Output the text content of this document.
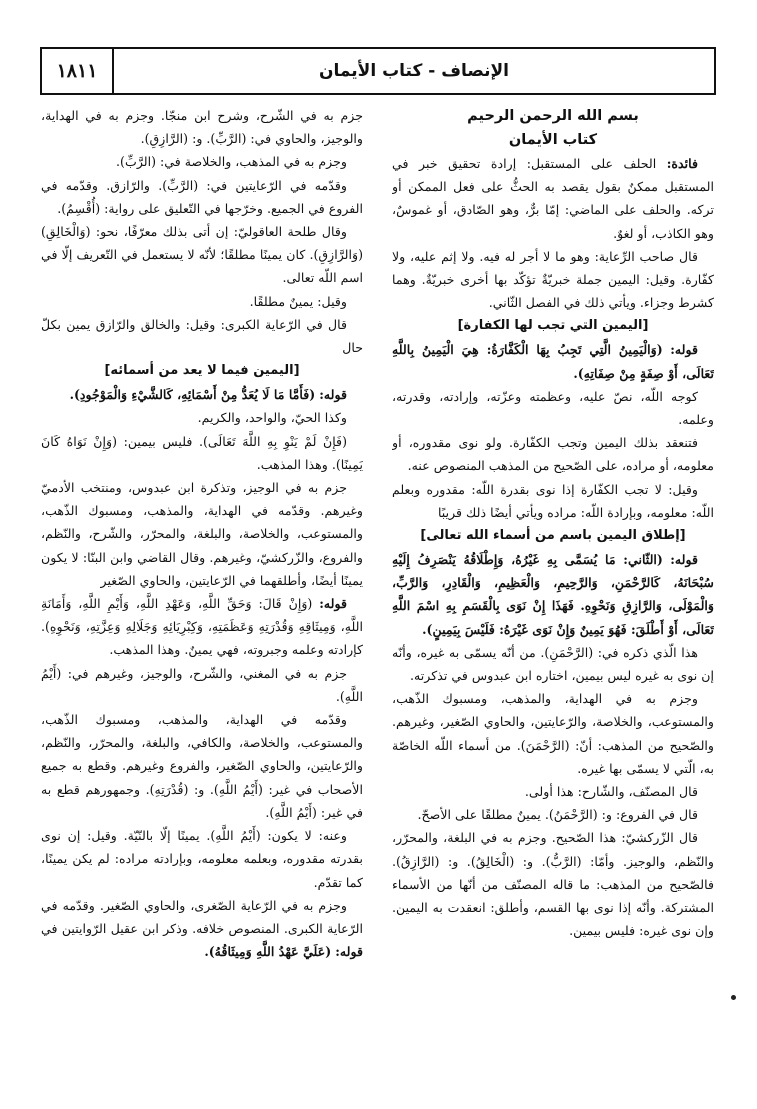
١٨١١	الإنصاف - كتاب الأيمان
بسم الله الرحمن الرحيم
كتاب الأيمان

فائدة: الحلف على المستقبل: إرادة تحقيق خبر في المستقبل ممكنٌ بقول يقصد به الحثُّ على فعل الممكن أو تركه. والحلف على الماضي: إمّا برٌّ، وهو الصّادق، أو غموسٌ، وهو الكاذب، أو لغوٌ.

قال صاحب الرِّعاية: وهو ما لا أجر له فيه. ولا إثم عليه، ولا كفّارة. وقيل: اليمين جملة خبريّةٌ تؤكّد بها أخرى خبريّةٌ. وهما كشرط وجزاء. ويأتي ذلك في الفصل الثّاني.

[اليمين التي تجب لها الكفارة]

قوله: (وَالْيَمِينُ الَّتِي تَجِبُ بِهَا الْكَفَّارَةُ: هِيَ الْيَمِينُ بِاللَّهِ تَعَالَى، أَوْ صِفَةٍ مِنْ صِفَاتِهِ).

كوجه اللّه، نصّ عليه، وعظمته وعزّته، وإرادته، وقدرته، وعلمه.

فتنعقد بذلك اليمين وتجب الكفّارة. ولو نوى مقدوره، أو معلومه، أو مراده، على الصّحيح من المذهب المنصوص عنه.

وقيل: لا تجب الكفّارة إذا نوى بقدرة اللّه: مقدوره وبعلم اللّه: معلومه، وبإرادة اللّه: مراده ويأتي أيضًا ذلك قريبًا

[إطلاق اليمين باسم من أسماء الله تعالى]

قوله: (الثّاني: مَا يُسَمَّى بِهِ غَيْرُهُ، وَإِطْلَاقُهُ يَنْصَرِفُ إِلَيْهِ سُبْحَانَهُ، كَالرَّحْمَنِ، وَالرَّحِيمِ، وَالْعَظِيمِ، وَالْقَادِرِ، وَالرَّبِّ، وَالْمَوْلَى، وَالرَّازِقِ وَنَحْوِهِ. فَهَذَا إِنْ نَوَى بِالْقَسَمِ بِهِ اسْمَ اللَّهِ تَعَالَى، أَوْ أَطْلَقَ: فَهُوَ يَمِينٌ وَإِنْ نَوَى غَيْرَهُ: فَلَيْسَ بِيَمِينٍ).

هذا الّذي ذكره في: (الرَّحْمَنِ). من أنّه يسمّى به غيره، وأنّه إن نوى به غيره ليس بيمين، اختاره ابن عبدوس في تذكرته.

وجزم به في الهداية، والمذهب، ومسبوك الذّهب، والمستوعب، والخلاصة، والرّعايتين، والحاوي الصّغير، وغيرهم. والصّحيح من المذهب: أنّ: (الرَّحْمَنَ). من أسماء اللّه الخاصّة به، الّتي لا يسمّى بها غيره.

قال المصنّف، والشّارح: هذا أولى.

قال في الفروع: و: (الرَّحْمَنُ). يمينٌ مطلقًا على الأصحّ.

قال الزّركشيّ: هذا الصّحيح. وجزم به في البلغة، والمحرّر، والنّظم، والوجيز. وأمّا: (الرَّبُّ). و: (الْخَالِقُ). و: (الرَّازِقُ). فالصّحيح من المذهب: ما قاله المصنّف من أنّها من الأسماء المشتركة. وأنّه إذا نوى بها القسم، وأطلق: انعقدت به اليمين. وإن نوى غيره: فليس بيمين.

جزم به في الشّرح، وشرح ابن منجّا. وجزم به في الهداية، والوجيز، والحاوي في: (الرَّبِّ). و: (الرَّازِقِ).

وجزم به في المذهب، والخلاصة في: (الرَّبِّ).

وقدّمه في الرّعايتين في: (الرَّبِّ). والرّازق. وقدّمه في الفروع في الجميع. وخرّجها في التّعليق على رواية: (أُقْسِمُ).

وقال طلحة العاقوليّ: إن أتى بذلك معرّفًا، نحو: (وَالْخَالِقِ) (وَالرَّازِقِ). كان يمينًا مطلقًا؛ لأنّه لا يستعمل في التّعريف إلّا في اسم اللّه تعالى.

وقيل: يمينٌ مطلقًا.

قال في الرّعاية الكبرى: وقيل: والخالق والرّازق يمين بكلّ حال

[اليمين فيما لا يعد من أسمائه]

قوله: (فَأَمَّا مَا لَا يُعَدُّ مِنْ أَسْمَائِهِ، كَالشَّيْءِ وَالْمَوْجُودِ).

وكذا الحيّ، والواحد، والكريم.

(فَإِنْ لَمْ يَنْوِ بِهِ اللَّهَ تَعَالَى). فليس بيمين: (وَإِنْ نَوَاهُ كَانَ يَمِينًا). وهذا المذهب.

جزم به في الوجيز، وتذكرة ابن عبدوس، ومنتخب الأدميّ وغيرهم. وقدّمه في الهداية، والمذهب، ومسبوك الذّهب، والمستوعب، والخلاصة، والبلغة، والمحرّر، والشّرح، والنّظم، والفروع، والزّركشيّ، وغيرهم. وقال القاضي وابن البنّا: لا يكون يمينًا أيضًا، وأطلقهما في الرّعايتين، والحاوي الصّغير

قوله: (وَإِنْ قَالَ: وَحَقِّ اللَّهِ، وَعَهْدِ اللَّهِ، وَأَيْمِ اللَّهِ، وَأَمَانَةِ اللَّهِ، وَمِيثَاقِهِ وَقُدْرَتِهِ وَعَظَمَتِهِ، وَكِبْرِيَائِهِ وَجَلَالِهِ وَعِزَّتِهِ، وَنَحْوِهِ). كإرادته وعلمه وجبروته، فهي يمينٌ. وهذا المذهب.

جزم به في المغني، والشّرح، والوجيز، وغيرهم في: (أَيْمُ اللَّهِ).

وقدّمه في الهداية، والمذهب، ومسبوك الذّهب، والمستوعب، والخلاصة، والكافي، والبلغة، والمحرّر، والنّظم، والرّعايتين، والحاوي الصّغير، والفروع وغيرهم. وقطع به جميع الأصحاب في غير: (أَيْمُ اللَّهِ). و: (قُدْرَتِهِ). وجمهورهم قطع به في غير: (أَيْمُ اللَّهِ).

وعنه: لا يكون: (أَيْمُ اللَّهِ). يمينًا إلّا بالنّيّة. وقيل: إن نوى بقدرته مقدوره، وبعلمه معلومه، وبإرادته مراده: لم يكن يمينًا، كما تقدّم.

وجزم به في الرّعاية الصّغرى، والحاوي الصّغير. وقدّمه في الرّعاية الكبرى. المنصوص خلافه. وذكر ابن عقيل الرّوايتين في قوله: (عَلَيَّ عَهْدُ اللَّهِ وَمِيثَاقُهُ).
